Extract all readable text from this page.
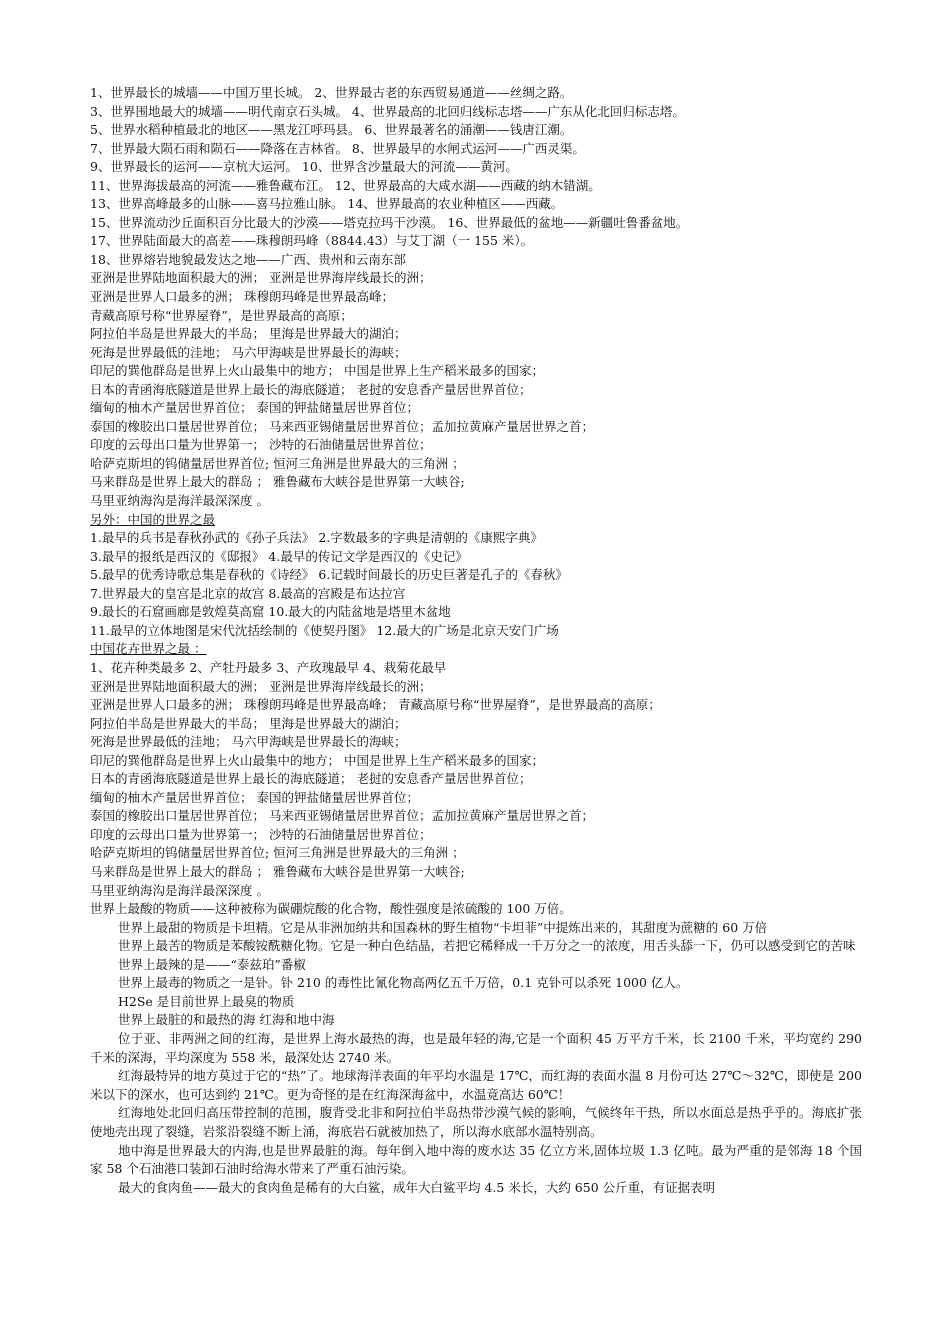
1、世界最长的城墙——中国万里长城。 2、世界最古老的东西贸易通道——丝绸之路。
3、世界围地最大的城墙——明代南京石头城。 4、世界最高的北回归线标志塔——广东从化北回归标志塔。
5、世界水稻种植最北的地区——黑龙江呼玛县。 6、世界最著名的涌潮——钱唐江潮。
7、世界最大陨石雨和陨石——降落在吉林省。 8、世界最早的水闸式运河——广西灵渠。
9、世界最长的运河——京杭大运河。 10、世界含沙量最大的河流——黄河。
11、世界海拔最高的河流——雅鲁藏布江。 12、世界最高的大咸水湖——西藏的纳木错湖。
13、世界高峰最多的山脉——喜马拉雅山脉。 14、世界最高的农业种植区——西藏。
15、世界流动沙丘面积百分比最大的沙漠——塔克拉玛干沙漠。 16、世界最低的盆地——新疆吐鲁番盆地。
17、世界陆面最大的高差——珠穆朗玛峰（8844.43）与艾丁湖（一 155 米）。
18、世界熔岩地貌最发达之地——广西、贵州和云南东部
亚洲是世界陆地面积最大的洲； 亚洲是世界海岸线最长的洲；
亚洲是世界人口最多的洲； 珠穆朗玛峰是世界最高峰；
青藏高原号称“世界屋脊”，是世界最高的高原；
阿拉伯半岛是世界最大的半岛； 里海是世界最大的湖泊；
死海是世界最低的洼地； 马六甲海峡是世界最长的海峡；
印尼的巽他群岛是世界上火山最集中的地方； 中国是世界上生产稻米最多的国家；
日本的青函海底隧道是世界上最长的海底隧道； 老挝的安息香产量居世界首位；
缅甸的柚木产量居世界首位； 泰国的钾盐储量居世界首位；
泰国的橡胶出口量居世界首位； 马来西亚锡储量居世界首位；孟加拉黄麻产量居世界之首；
印度的云母出口量为世界第一； 沙特的石油储量居世界首位；
哈萨克斯坦的钨储量居世界首位; 恒河三角洲是世界最大的三角洲 ；
马来群岛是世界上最大的群岛 ； 雅鲁藏布大峡谷是世界第一大峡谷;
马里亚纳海沟是海洋最深深度 。
另外：中国的世界之最
1.最早的兵书是春秋孙武的《孙子兵法》 2.字数最多的字典是清朝的《康熙字典》
3.最早的报纸是西汉的《邸报》 4.最早的传记文学是西汉的《史记》
5.最早的优秀诗歌总集是春秋的《诗经》 6.记载时间最长的历史巨著是孔子的《春秋》
7.世界最大的皇宫是北京的故宫 8.最高的宫殿是布达拉宫
9.最长的石窟画廊是敦煌莫高窟 10.最大的内陆盆地是塔里木盆地
11.最早的立体地图是宋代沈括绘制的《使契丹图》 12.最大的广场是北京天安门广场
中国花卉世界之最 ：
1、花卉种类最多 2、产牡丹最多 3、产玫瑰最早 4、栽菊花最早
亚洲是世界陆地面积最大的洲； 亚洲是世界海岸线最长的洲；
亚洲是世界人口最多的洲； 珠穆朗玛峰是世界最高峰； 青藏高原号称“世界屋脊”，是世界最高的高原；
阿拉伯半岛是世界最大的半岛； 里海是世界最大的湖泊；
死海是世界最低的洼地； 马六甲海峡是世界最长的海峡；
印尼的巽他群岛是世界上火山最集中的地方； 中国是世界上生产稻米最多的国家；
日本的青函海底隧道是世界上最长的海底隧道； 老挝的安息香产量居世界首位；
缅甸的柚木产量居世界首位； 泰国的钾盐储量居世界首位；
泰国的橡胶出口量居世界首位； 马来西亚锡储量居世界首位；孟加拉黄麻产量居世界之首；
印度的云母出口量为世界第一； 沙特的石油储量居世界首位；
哈萨克斯坦的钨储量居世界首位; 恒河三角洲是世界最大的三角洲 ；
马来群岛是世界上最大的群岛 ； 雅鲁藏布大峡谷是世界第一大峡谷;
马里亚纳海沟是海洋最深深度 。
世界上最酸的物质——这种被称为碳硼烷酸的化合物，酸性强度是浓硫酸的 100 万倍。

世界上最甜的物质是卡坦精。它是从非洲加纳共和国森林的野生植物“卡坦菲”中提炼出来的，其甜度为蔗糖的 60 万倍

世界上最苦的物质是苯酸铵酰糖化物。它是一种白色结晶，若把它稀释成一千万分之一的浓度，用舌头舔一下，仍可以感受到它的苦味

世界上最辣的是——“泰兹珀”番椒
世界上最毒的物质之一是钋。钋 210 的毒性比氰化物高两亿五千万倍，0.1 克钋可以杀死 1000 亿人。
H2Se 是目前世界上最臭的物质
世界上最脏的和最热的海 红海和地中海

位于亚、非两洲之间的红海，是世界上海水最热的海，也是最年轻的海,它是一个面积 45 万平方千米，长 2100 千米，平均宽约 290 千米的深海，平均深度为 558 米，最深处达 2740 米。

红海最特异的地方莫过于它的“热”了。地球海洋表面的年平均水温是 17℃，而红海的表面水温 8 月份可达 27℃～32℃，即使是 200 米以下的深水，也可达到约 21℃。更为奇怪的是在红海深海盆中，水温竟高达 60℃！

红海地处北回归高压带控制的范围，腹背受北非和阿拉伯半岛热带沙漠气候的影响，气候终年干热，所以水面总是热乎乎的。海底扩张使地壳出现了裂缝，岩浆沿裂缝不断上涌，海底岩石就被加热了，所以海水底部水温特别高。

地中海是世界最大的内海,也是世界最脏的海。每年倒入地中海的废水达 35 亿立方米,固体垃圾 1.3 亿吨。最为严重的是邻海 18 个国家 58 个石油港口装卸石油时给海水带来了严重石油污染。

最大的食肉鱼——最大的食肉鱼是稀有的大白鲨，成年大白鲨平均 4.5 米长，大约 650 公斤重，有证据表明
